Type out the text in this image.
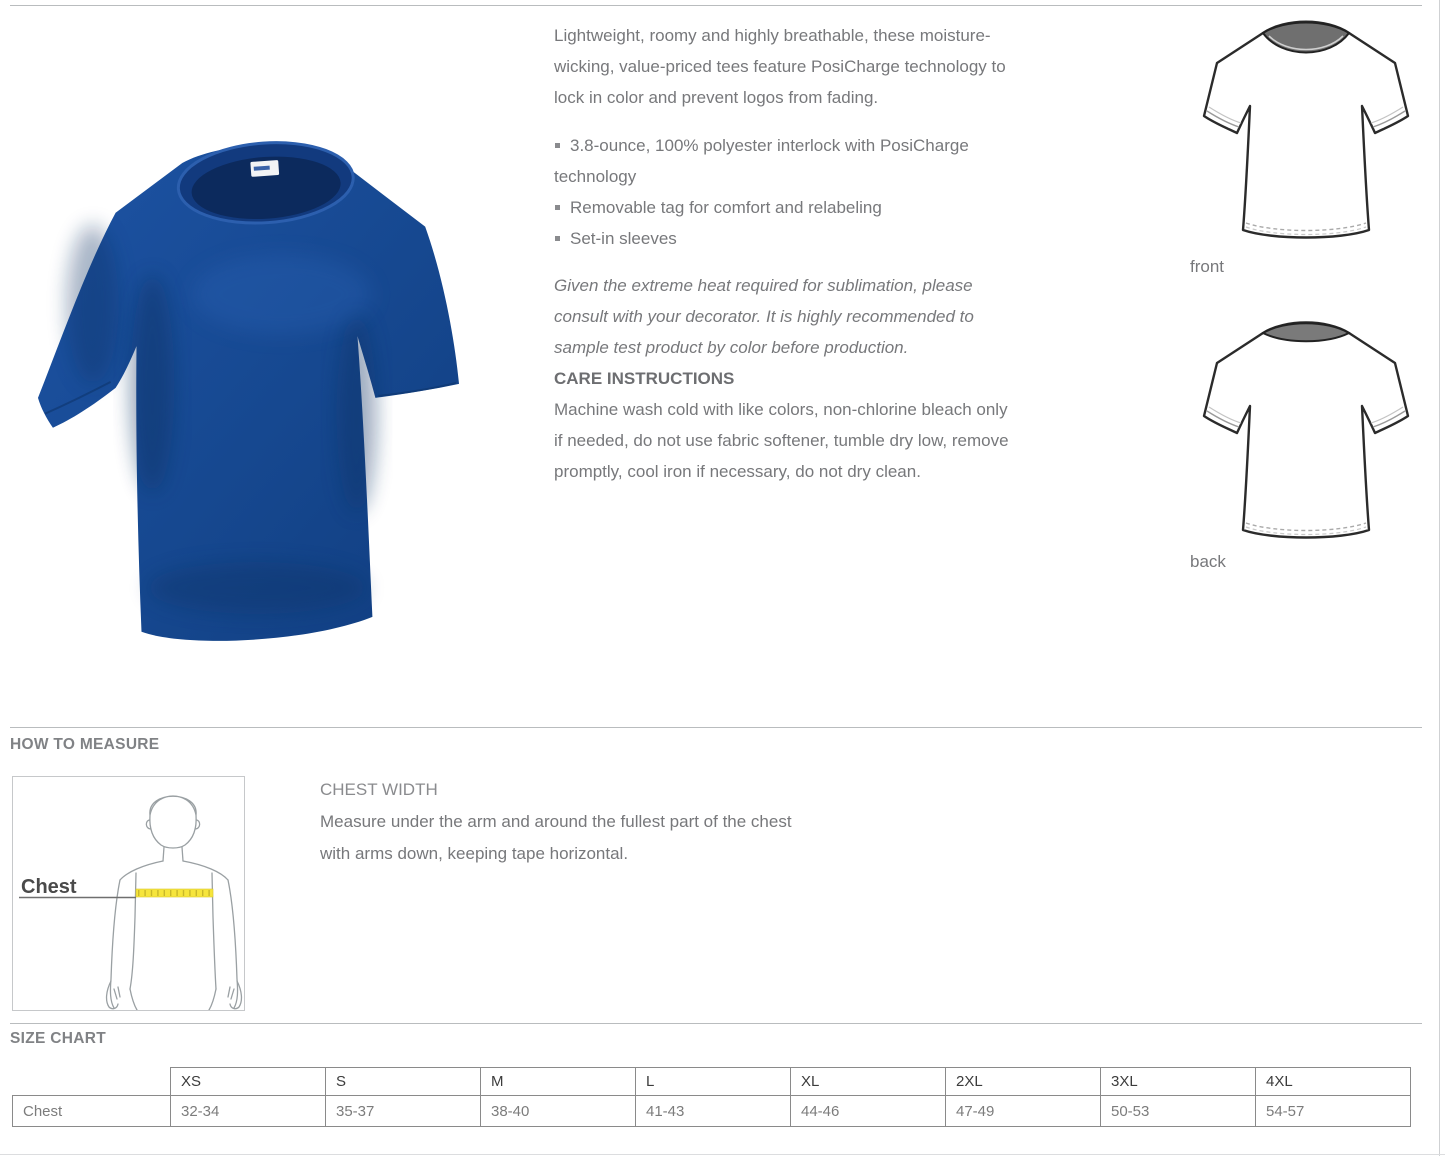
Lightweight, roomy and highly breathable, these moisture-wicking, value-priced tees feature PosiCharge technology to lock in color and prevent logos from fading.

3.8-ounce, 100% polyester interlock with PosiCharge technology
Removable tag for comfort and relabeling
Set-in sleeves

Given the extreme heat required for sublimation, please consult with your decorator. It is highly recommended to sample test product by color before production.

CARE INSTRUCTIONS

Machine wash cold with like colors, non-chlorine bleach only if needed, do not use fabric softener, tumble dry low, remove promptly, cool iron if necessary, do not dry clean.

front
back
HOW TO MEASURE
Chest
CHEST WIDTH
Measure under the arm and around the fullest part of the chest with arms down, keeping tape horizontal.
SIZE CHART
	XS	S	M	L	XL	2XL	3XL	4XL
Chest	32-34	35-37	38-40	41-43	44-46	47-49	50-53	54-57
